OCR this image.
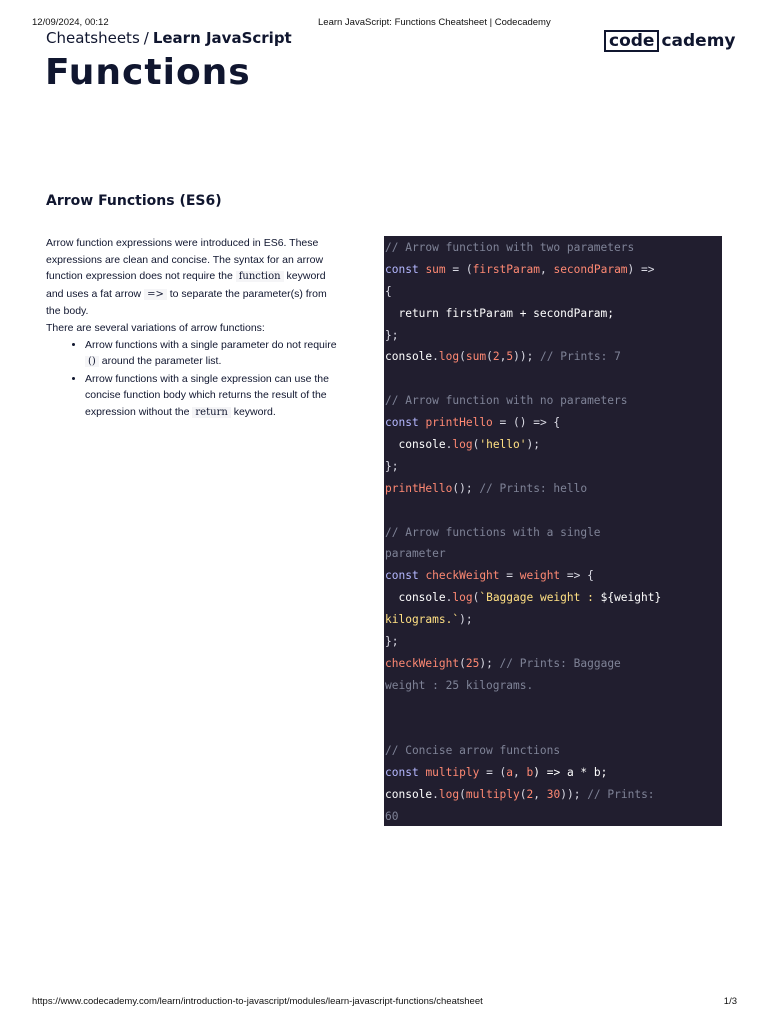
12/09/2024, 00:12	Learn JavaScript: Functions Cheatsheet | Codecademy
Cheatsheets / Learn JavaScript	code cademy
Functions
Arrow Functions (ES6)

Arrow function expressions were introduced in ES6. These expressions are clean and concise. The syntax for an arrow function expression does not require the function keyword and uses a fat arrow => to separate the parameter(s) from the body.

There are several variations of arrow functions:

• Arrow functions with a single parameter do not require () around the parameter list.
• Arrow functions with a single expression can use the concise function body which returns the result of the expression without the return keyword.
// Arrow function with two parameters
const sum = (firstParam, secondParam) =>
{
return firstParam + secondParam;
};
console.log(sum(2,5)); // Prints: 7
// Arrow function with no parameters
const printHello = () => {
console.log('hello');
};
printHello(); // Prints: hello
// Arrow functions with a single
parameter
const checkWeight = weight => {
console.log(`Baggage weight : ${weight}
kilograms.`);
};
checkWeight(25); // Prints: Baggage
weight : 25 kilograms.
// Concise arrow functions
const multiply = (a, b) => a * b;
console.log(multiply(2, 30)); // Prints:
60
https://www.codecademy.com/learn/introduction-to-javascript/modules/learn-javascript-functions/cheatsheet	1/3
